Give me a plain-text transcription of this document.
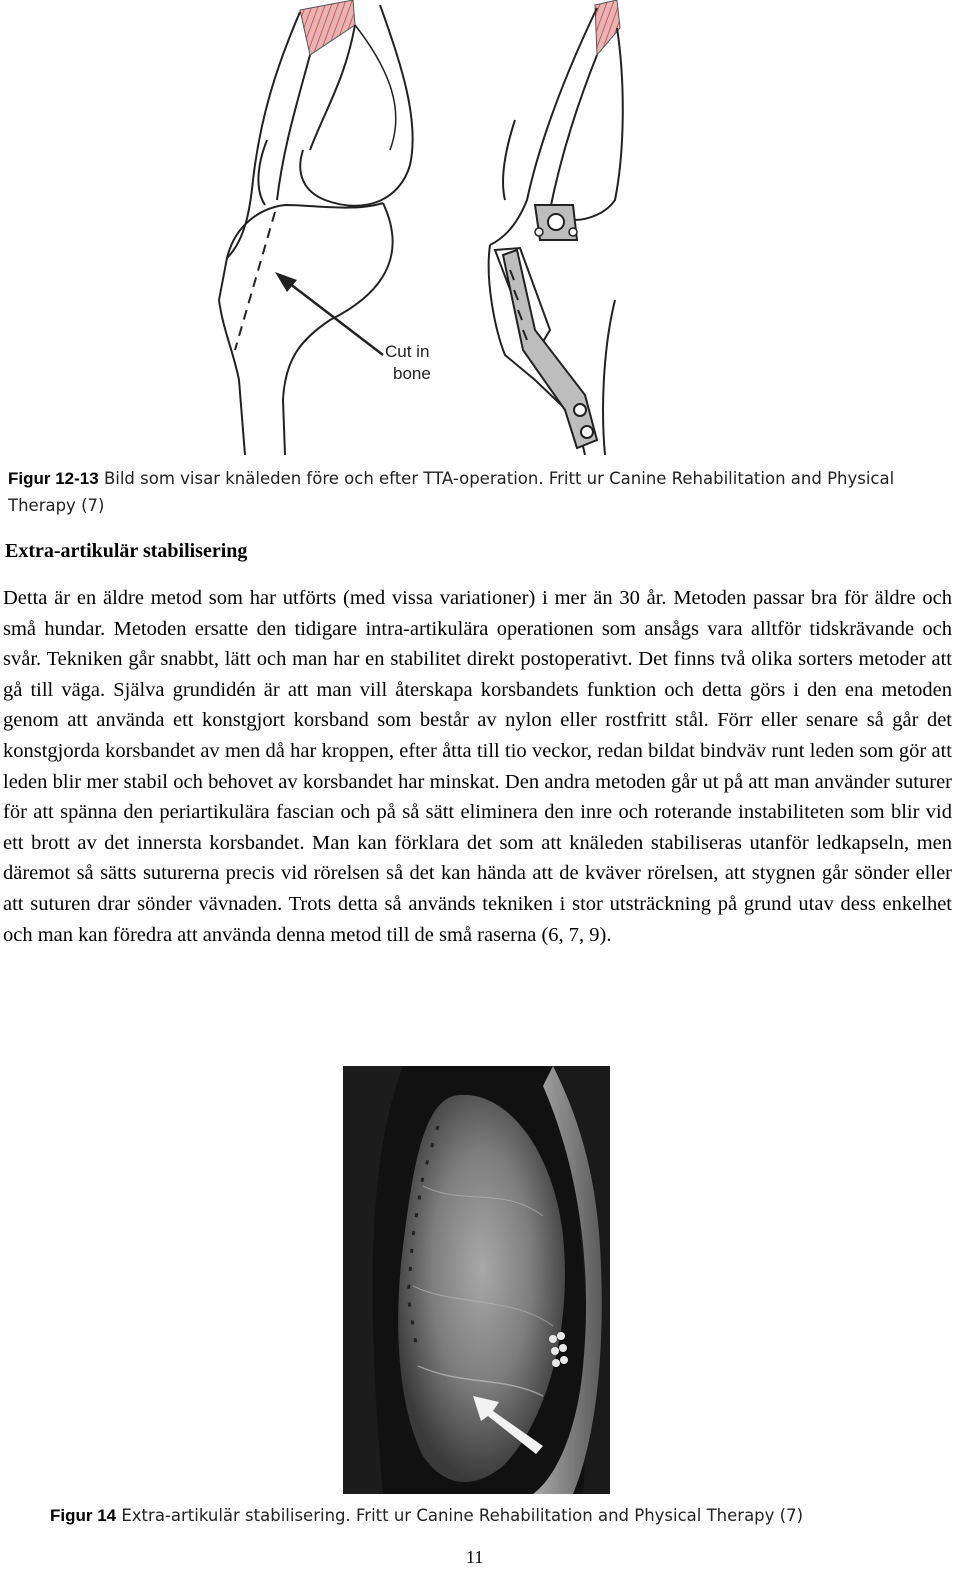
Cut in
bone
Figur 12-13 Bild som visar knäleden före och efter TTA-operation. Fritt ur Canine Rehabilitation and Physical Therapy (7)
Extra-artikulär stabilisering

Detta är en äldre metod som har utförts (med vissa variationer) i mer än 30 år. Metoden passar bra för äldre och små hundar. Metoden ersatte den tidigare intra-artikulära operationen som ansågs vara alltför tidskrävande och svår. Tekniken går snabbt, lätt och man har en stabilitet direkt postoperativt. Det finns två olika sorters metoder att gå till väga. Själva grundidén är att man vill återskapa korsbandets funktion och detta görs i den ena metoden genom att använda ett konstgjort korsband som består av nylon eller rostfritt stål. Förr eller senare så går det konstgjorda korsbandet av men då har kroppen, efter åtta till tio veckor, redan bildat bindväv runt leden som gör att leden blir mer stabil och behovet av korsbandet har minskat. Den andra metoden går ut på att man använder suturer för att spänna den periartikulära fascian och på så sätt eliminera den inre och roterande instabiliteten som blir vid ett brott av det innersta korsbandet. Man kan förklara det som att knäleden stabiliseras utanför ledkapseln, men däremot så sätts suturerna precis vid rörelsen så det kan hända att de kväver rörelsen, att stygnen går sönder eller att suturen drar sönder vävnaden. Trots detta så används tekniken i stor utsträckning på grund utav dess enkelhet och man kan föredra att använda denna metod till de små raserna (6, 7, 9).

Figur 14 Extra-artikulär stabilisering. Fritt ur Canine Rehabilitation and Physical Therapy (7)
11
